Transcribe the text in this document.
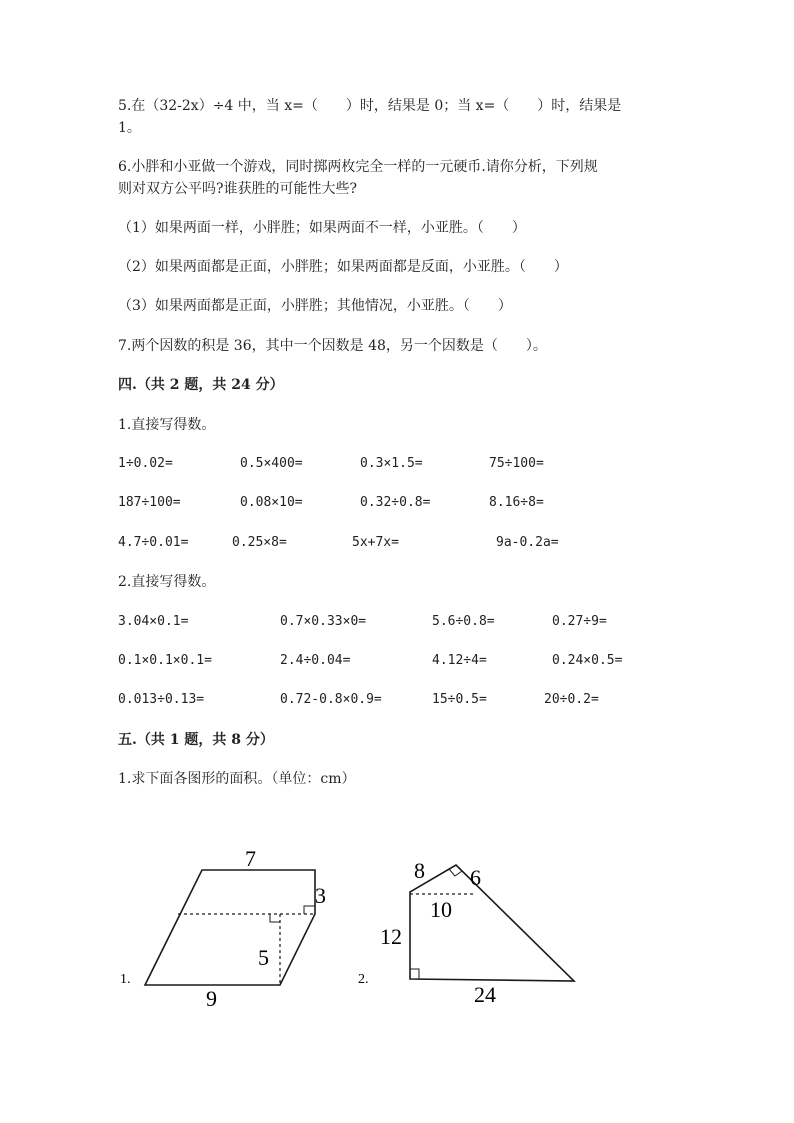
5.在（32-2x）÷4 中，当 x=（　　）时，结果是 0；当 x=（　　）时，结果是
1。
6.小胖和小亚做一个游戏，同时掷两枚完全一样的一元硬币.请你分析，下列规
则对双方公平吗?谁获胜的可能性大些?
（1）如果两面一样，小胖胜；如果两面不一样，小亚胜。（　　）
（2）如果两面都是正面，小胖胜；如果两面都是反面，小亚胜。（　　）
（3）如果两面都是正面，小胖胜；其他情况，小亚胜。（　　）
7.两个因数的积是 36，其中一个因数是 48，另一个因数是（　　）。
四.（共 2 题，共 24 分）
1.直接写得数。
1÷0.02=	0.5×400=	0.3×1.5=	75÷100=
187÷100=	0.08×10=	0.32÷0.8=	8.16÷8=
4.7÷0.01=	0.25×8=	5x+7x=	9a-0.2a=
2.直接写得数。
3.04×0.1=	0.7×0.33×0=	5.6÷0.8=	0.27÷9=
0.1×0.1×0.1=	2.4÷0.04=	4.12÷4=	0.24×0.5=
0.013÷0.13=	0.72-0.8×0.9=	15÷0.5=	20÷0.2=
五.（共 1 题，共 8 分）
1.求下面各图形的面积。（单位：cm）
1.
7
3
5
9
2.
8 6
10
12
24
